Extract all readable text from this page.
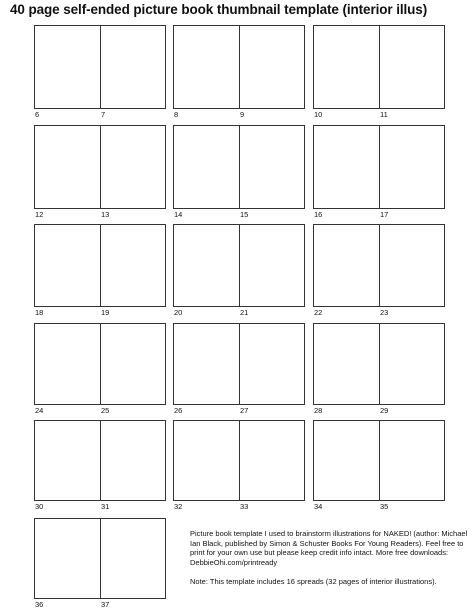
40 page self-ended picture book thumbnail template (interior illus)
6	7	8	9	10	11
12	13	14	15	16	17
18	19	20	21	22	23
24	25	26	27	28	29
30	31	32	33	34	35
36	37
Picture book template I used to brainstorm illustrations for NAKED! (author: Michael Ian Black, published by Simon & Schuster Books For Young Readers). Feel free to print for your own use but please keep credit info intact. More free downloads: DebbieOhi.com/printready
Note: This template includes 16 spreads (32 pages of interior illustrations).
